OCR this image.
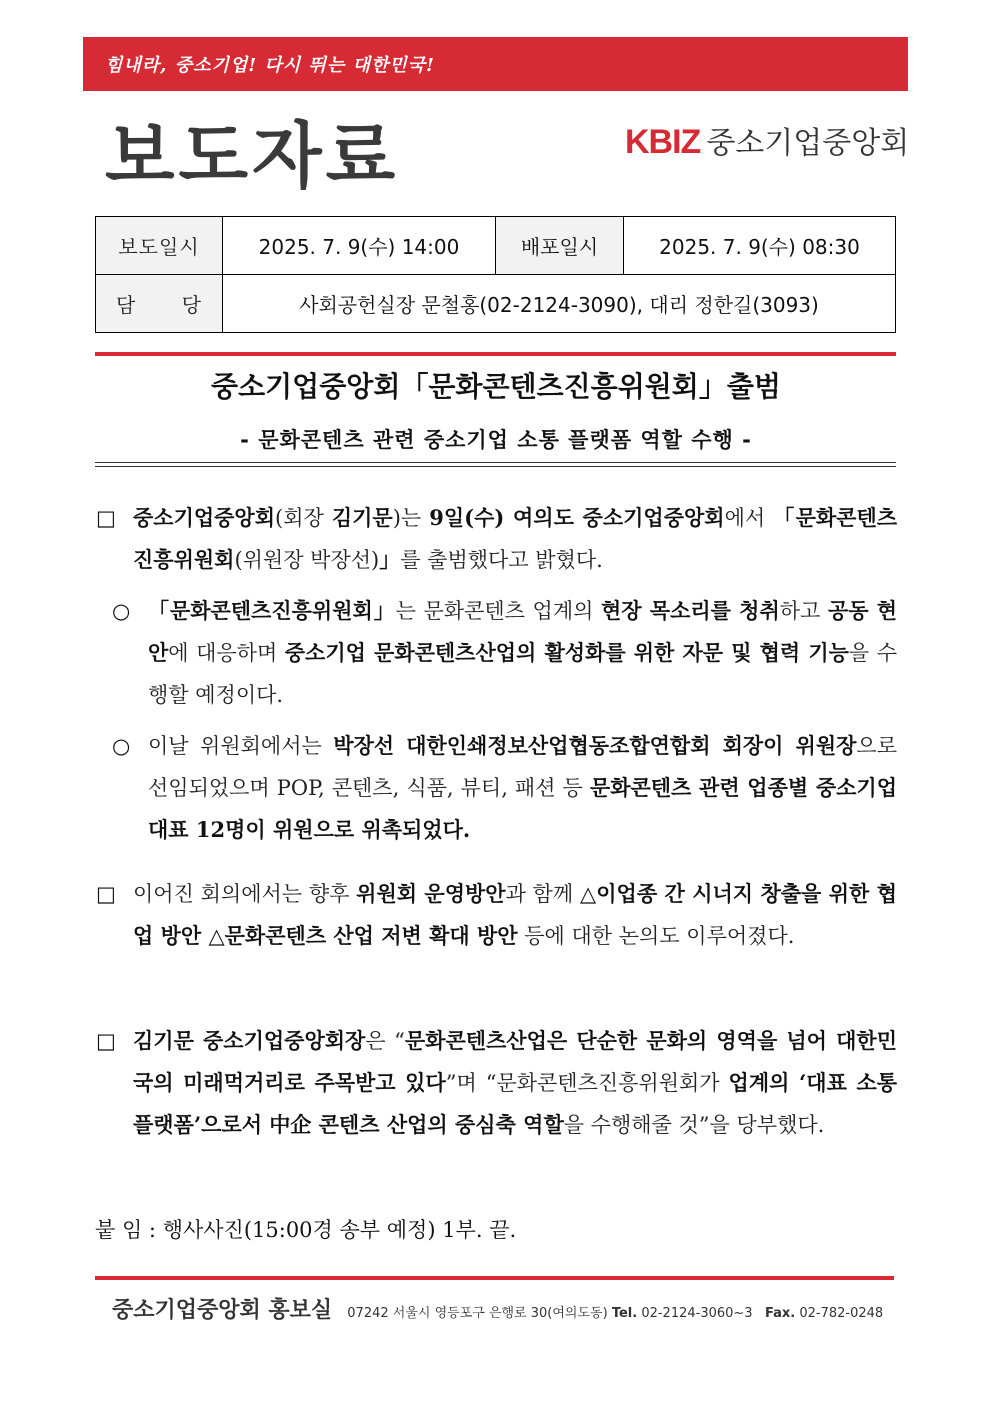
힘내라, 중소기업! 다시 뛰는 대한민국!
보도자료	KBIZ 중소기업중앙회
보도일시	2025. 7. 9(수) 14:00	배포일시	2025. 7. 9(수) 08:30

담 당	사회공헌실장 문철홍(02-2124-3090), 대리 정한길(3093)		
중소기업중앙회「문화콘텐츠진흥위원회」출범
- 문화콘텐츠 관련 중소기업 소통 플랫폼 역할 수행 -
□ 중소기업중앙회(회장 김기문)는 9일(수) 여의도 중소기업중앙회에서 「문화콘텐츠진흥위원회(위원장 박장선)」를 출범했다고 밝혔다.
○ 「문화콘텐츠진흥위원회」는 문화콘텐츠 업계의 현장 목소리를 청취하고 공동 현안에 대응하며 중소기업 문화콘텐츠산업의 활성화를 위한 자문 및 협력 기능을 수행할 예정이다.
○ 이날 위원회에서는 박장선 대한인쇄정보산업협동조합연합회 회장이 위원장으로 선임되었으며 POP, 콘텐츠, 식품, 뷰티, 패션 등 문화콘텐츠 관련 업종별 중소기업 대표 12명이 위원으로 위촉되었다.
□ 이어진 회의에서는 향후 위원회 운영방안과 함께 △이업종 간 시너지 창출을 위한 협업 방안 △문화콘텐츠 산업 저변 확대 방안 등에 대한 논의도 이루어졌다.
□ 김기문 중소기업중앙회장은 “문화콘텐츠산업은 단순한 문화의 영역을 넘어 대한민국의 미래먹거리로 주목받고 있다”며 “문화콘텐츠진흥위원회가 업계의 ‘대표 소통 플랫폼’으로서 中企 콘텐츠 산업의 중심축 역할을 수행해줄 것”을 당부했다.
붙 임 : 행사사진(15:00경 송부 예정) 1부. 끝.
중소기업중앙회 홍보실 07242 서울시 영등포구 은행로 30(여의도동) Tel. 02-2124-3060~3 Fax. 02-782-0248
